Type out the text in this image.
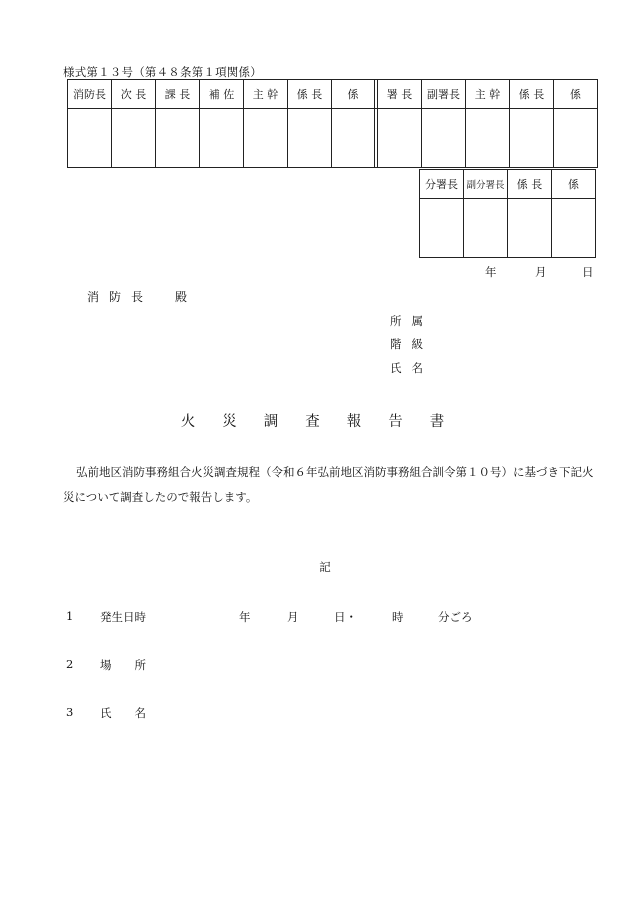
様式第１３号（第４８条第１項関係）
消防長	次 長	課 長	補 佐	主 幹	係 長	係		署 長	副署長	主 幹	係 長	係

分署長	副分署長	係 長	係

年	月	日
消防長 殿
所属
階級
氏名
火災調査報告書
弘前地区消防事務組合火災調査規程（令和６年弘前地区消防事務組合訓令第１０号）に基づき下記火災について調査したので報告します。
記
1 発生日時	年	月	日・	時	分ごろ
2 場　　所
3 氏　　名
